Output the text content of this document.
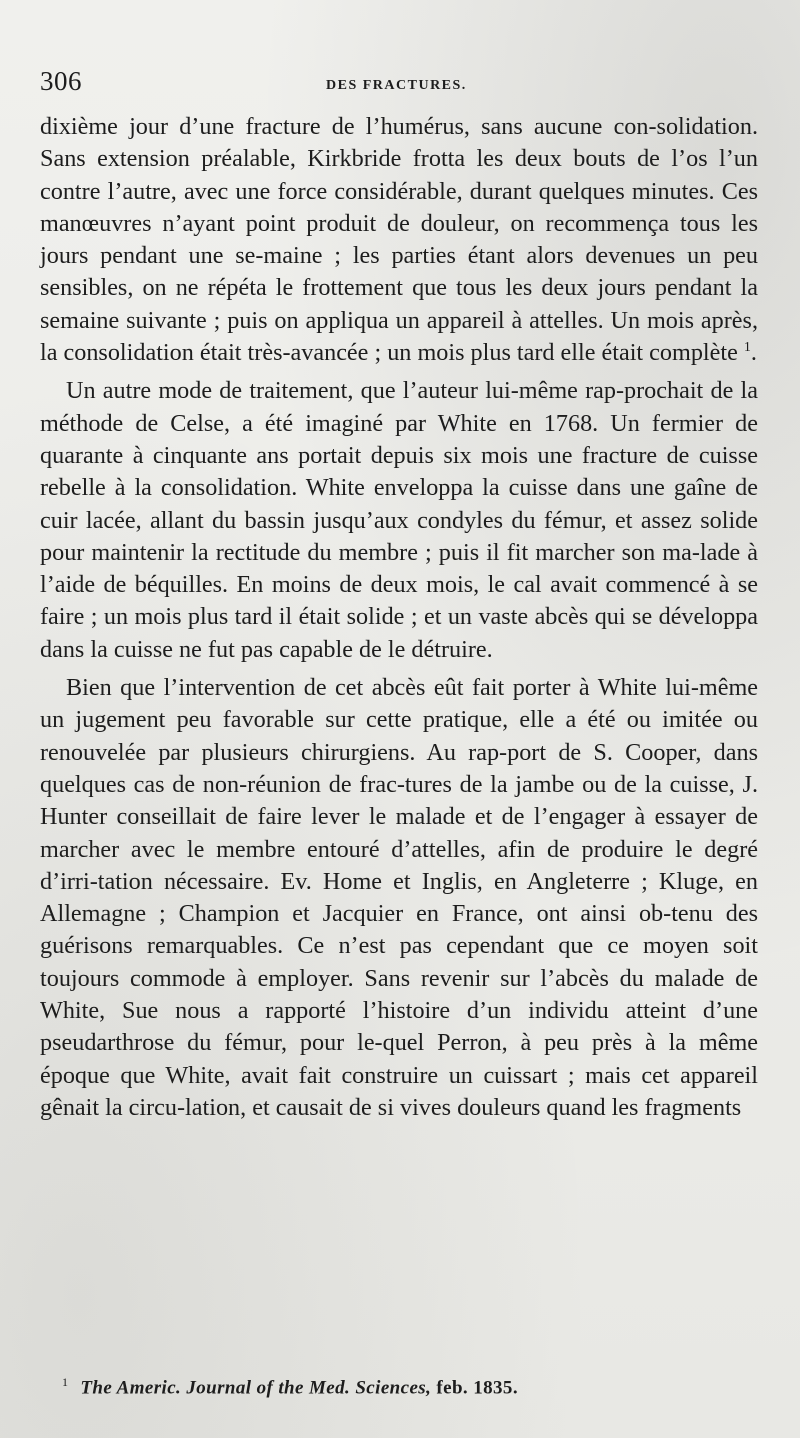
306	DES FRACTURES.

dixième jour d’une fracture de l’humérus, sans aucune con-solidation. Sans extension préalable, Kirkbride frotta les deux bouts de l’os l’un contre l’autre, avec une force considérable, durant quelques minutes. Ces manœuvres n’ayant point produit de douleur, on recommença tous les jours pendant une se-maine ; les parties étant alors devenues un peu sensibles, on ne répéta le frottement que tous les deux jours pendant la semaine suivante ; puis on appliqua un appareil à attelles. Un mois après, la consolidation était très-avancée ; un mois plus tard elle était complète $^1$.

Un autre mode de traitement, que l’auteur lui-même rap-prochait de la méthode de Celse, a été imaginé par White en 1768. Un fermier de quarante à cinquante ans portait depuis six mois une fracture de cuisse rebelle à la consolidation. White enveloppa la cuisse dans une gaîne de cuir lacée, allant du bassin jusqu’aux condyles du fémur, et assez solide pour maintenir la rectitude du membre ; puis il fit marcher son ma-lade à l’aide de béquilles. En moins de deux mois, le cal avait commencé à se faire ; un mois plus tard il était solide ; et un vaste abcès qui se développa dans la cuisse ne fut pas capable de le détruire.

Bien que l’intervention de cet abcès eût fait porter à White lui-même un jugement peu favorable sur cette pratique, elle a été ou imitée ou renouvelée par plusieurs chirurgiens. Au rap-port de S. Cooper, dans quelques cas de non-réunion de frac-tures de la jambe ou de la cuisse, J. Hunter conseillait de faire lever le malade et de l’engager à essayer de marcher avec le membre entouré d’attelles, afin de produire le degré d’irri-tation nécessaire. Ev. Home et Inglis, en Angleterre ; Kluge, en Allemagne ; Champion et Jacquier en France, ont ainsi ob-tenu des guérisons remarquables. Ce n’est pas cependant que ce moyen soit toujours commode à employer. Sans revenir sur l’abcès du malade de White, Sue nous a rapporté l’histoire d’un individu atteint d’une pseudarthrose du fémur, pour le-quel Perron, à peu près à la même époque que White, avait fait construire un cuissart ; mais cet appareil gênait la circu-lation, et causait de si vives douleurs quand les fragments

$^1$ The Americ. Journal of the Med. Sciences, feb. 1835.
